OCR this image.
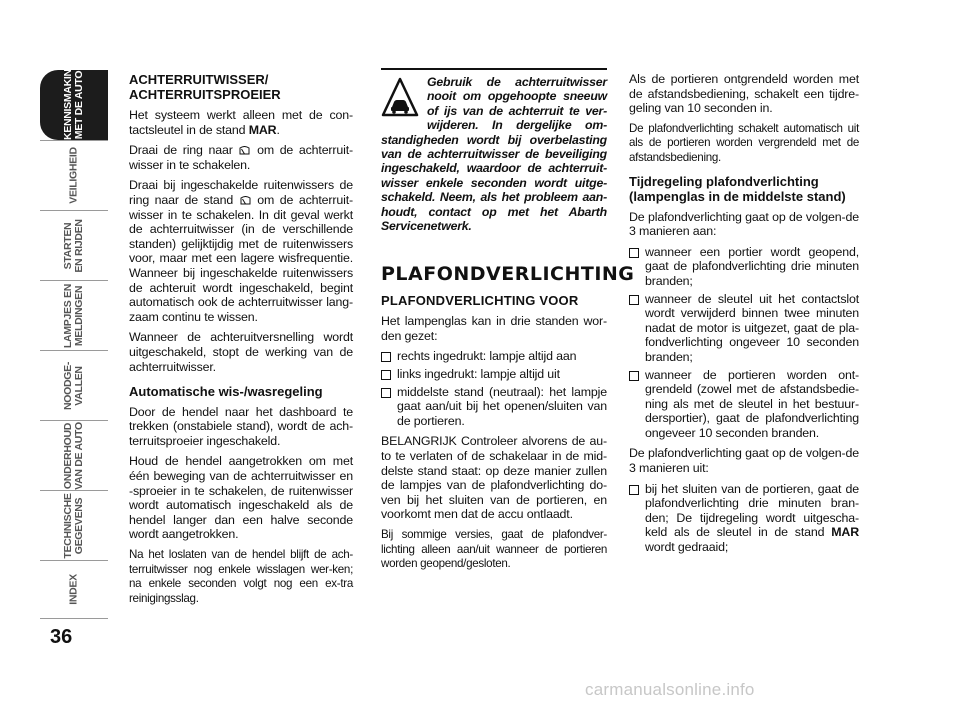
KENNISMAKING
MET DE AUTO
VEILIGHEID
STARTEN
EN RIJDEN
LAMPJES EN
MELDINGEN
NOODGE-
VALLEN
ONDERHOUD
VAN DE AUTO
TECHNISCHE
GEGEVENS
INDEX
36
ACHTERRUITWISSER/
ACHTERRUITSPROEIER

Het systeem werkt alleen met de con-tactsleutel in de stand MAR.

Draai de ring naar
om de achterruit-wisser in te schakelen.

Draai bij ingeschakelde ruitenwissers de ring naar de stand
om de achterruit-wisser in te schakelen. In dit geval werkt de achterruitwisser (in de verschillende standen) gelijktijdig met de ruitenwissers voor, maar met een lagere wisfrequentie. Wanneer bij ingeschakelde ruitenwissers de achteruit wordt ingeschakeld, begint automatisch ook de achterruitwisser lang-zaam continu te wissen.

Wanneer de achteruitversnelling wordt uitgeschakeld, stopt de werking van de achterruitwisser.

Automatische wis-/wasregeling

Door de hendel naar het dashboard te trekken (onstabiele stand), wordt de ach-terruitsproeier ingeschakeld.

Houd de hendel aangetrokken om met één beweging van de achterruitwisser en -sproeier in te schakelen, de ruitenwisser wordt automatisch ingeschakeld als de hendel langer dan een halve seconde wordt aangetrokken.

Na het loslaten van de hendel blijft de ach-terruitwisser nog enkele wisslagen wer-ken; na enkele seconden volgt nog een ex-tra reinigingsslag.

Gebruik de achterruitwisser nooit om opgehoopte sneeuw of ijs van de achterruit te ver-wijderen. In dergelijke om-standigheden wordt bij overbelasting van de achterruitwisser de beveiliging ingeschakeld, waardoor de achterruit-wisser enkele seconden wordt uitge-schakeld. Neem, als het probleem aan-houdt, contact op met het Abarth Servicenetwerk.

PLAFONDVERLICHTING
PLAFONDVERLICHTING VOOR

Het lampenglas kan in drie standen wor-den gezet:

rechts ingedrukt: lampje altijd aan
links ingedrukt: lampje altijd uit
middelste stand (neutraal): het lampje gaat aan/uit bij het openen/sluiten van de portieren.

BELANGRIJK Controleer alvorens de au-to te verlaten of de schakelaar in de mid-delste stand staat: op deze manier zullen de lampjes van de plafondverlichting do-ven bij het sluiten van de portieren, en voorkomt men dat de accu ontlaadt.

Bij sommige versies, gaat de plafondver-lichting alleen aan/uit wanneer de portieren worden geopend/gesloten.

Als de portieren ontgrendeld worden met de afstandsbediening, schakelt een tijdre-geling van 10 seconden in.

De plafondverlichting schakelt automatisch uit als de portieren worden vergrendeld met de afstandsbediening.

Tijdregeling plafondverlichting (lampenglas in de middelste stand)

De plafondverlichting gaat op de volgen-de 3 manieren aan:

wanneer een portier wordt geopend, gaat de plafondverlichting drie minuten branden;
wanneer de sleutel uit het contactslot wordt verwijderd binnen twee minuten nadat de motor is uitgezet, gaat de pla-fondverlichting ongeveer 10 seconden branden;
wanneer de portieren worden ont-grendeld (zowel met de afstandsbedie-ning als met de sleutel in het bestuur-dersportier), gaat de plafondverlichting ongeveer 10 seconden branden.

De plafondverlichting gaat op de volgen-de 3 manieren uit:

bij het sluiten van de portieren, gaat de plafondverlichting drie minuten bran-den; De tijdregeling wordt uitgescha-keld als de sleutel in de stand MAR wordt gedraaid;
carmanualsonline.info
